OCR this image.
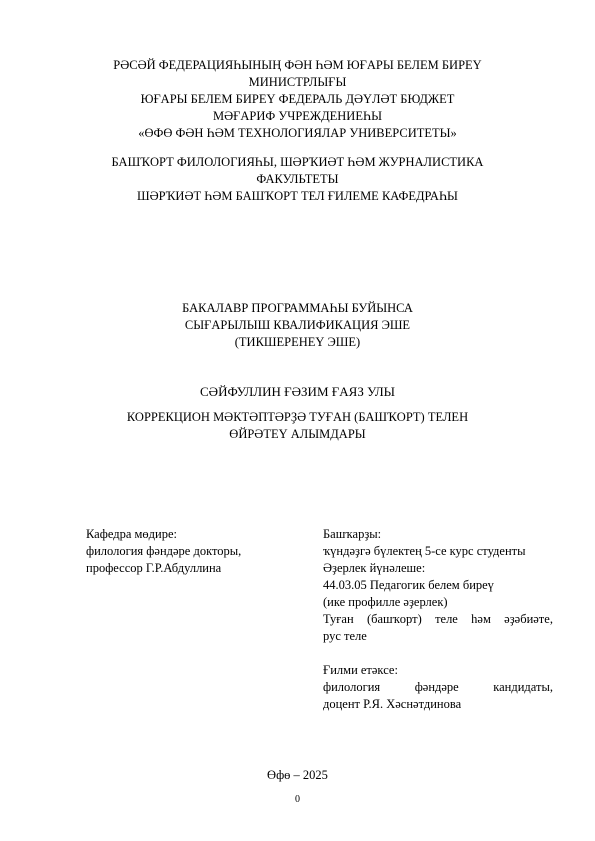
РӘСӘЙ ФЕДЕРАЦИЯҺЫНЫҢ ФӘН ҺӘМ ЮҒАРЫ БЕЛЕМ БИРЕҮ
МИНИСТРЛЫҒЫ
ЮҒАРЫ БЕЛЕМ БИРЕҮ ФЕДЕРАЛЬ ДӘҮЛӘТ БЮДЖЕТ
МӘҒАРИФ УЧРЕЖДЕНИЕҺЫ
«ӨФӨ ФӘН ҺӘМ ТЕХНОЛОГИЯЛАР УНИВЕРСИТЕТЫ»
БАШҠОРТ ФИЛОЛОГИЯҺЫ, ШӘРҠИӘТ ҺӘМ ЖУРНАЛИСТИКА
ФАКУЛЬТЕТЫ
ШӘРҠИӘТ ҺӘМ БАШҠОРТ ТЕЛ ҒИЛЕМЕ КАФЕДРАҺЫ
БАКАЛАВР ПРОГРАММАҺЫ БУЙЫНСА
СЫҒАРЫЛЫШ КВАЛИФИКАЦИЯ ЭШЕ
(ТИКШЕРЕНЕҮ ЭШЕ)
СӘЙФУЛЛИН ҒӘЗИМ ҒАЯЗ УЛЫ
КОРРЕКЦИОН МӘКТӘПТӘРҘӘ ТУҒАН (БАШҠОРТ) ТЕЛЕН
ӨЙРӘТЕҮ АЛЫМДАРЫ
Кафедра мөдире:
филология фәндәре докторы,
профессор Г.Р.Абдуллина
Башҡарҙы:
ҡүндәҙгә бүлектең 5-се курс студенты
Әҙерлек йүнәлеше:
44.03.05 Педагогик белем биреү
(ике профилле әҙерлек)
Туған (башҡорт) теле һәм әҙәбиәте,
рус теле
Ғилми етәксе:
филология	фәндәре	кандидаты,
доцент Р.Я. Хәснәтдинова
Өфө – 2025
0
